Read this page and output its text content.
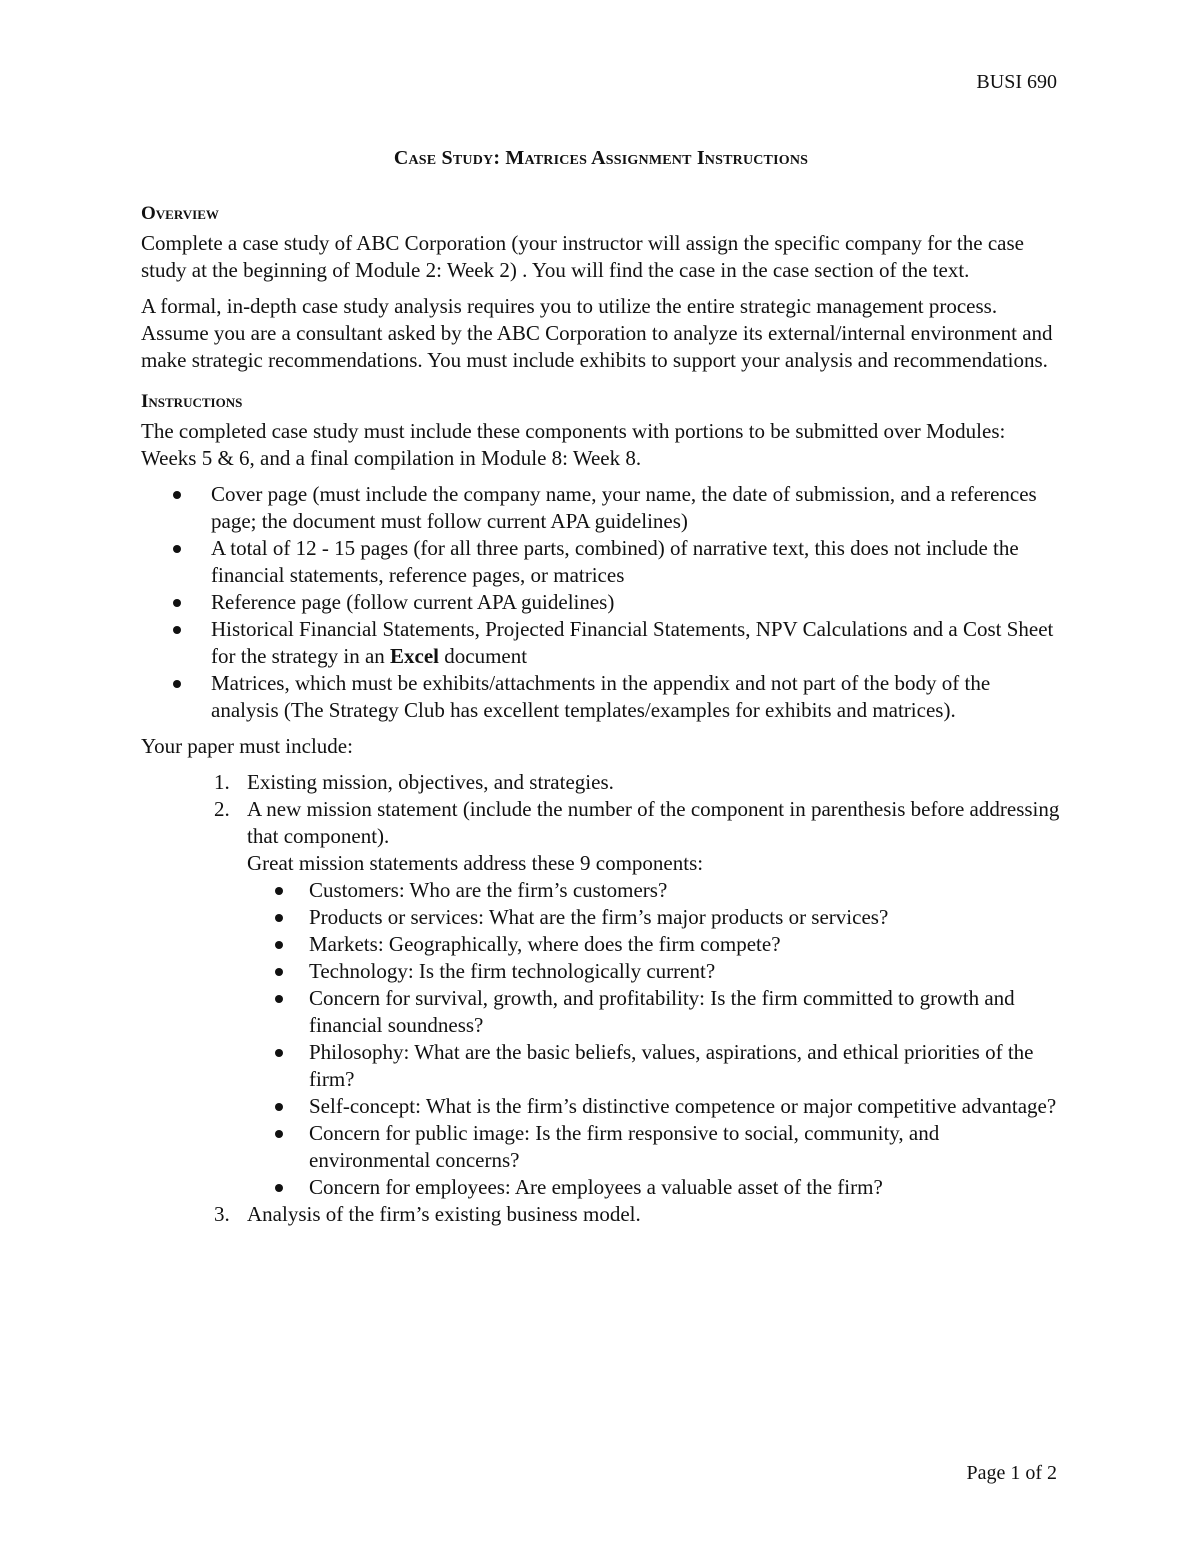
BUSI 690
Case Study: Matrices Assignment Instructions
Overview

Complete a case study of ABC Corporation (your instructor will assign the specific company for the case study at the beginning of Module 2: Week 2) . You will find the case in the case section of the text.

A formal, in-depth case study analysis requires you to utilize the entire strategic management process. Assume you are a consultant asked by the ABC Corporation to analyze its external/internal environment and make strategic recommendations. You must include exhibits to support your analysis and recommendations.

Instructions

The completed case study must include these components with portions to be submitted over Modules: Weeks 5 & 6, and a final compilation in Module 8: Week 8.

Cover page (must include the company name, your name, the date of submission, and a references page; the document must follow current APA guidelines)
A total of 12 - 15 pages (for all three parts, combined) of narrative text, this does not include the financial statements, reference pages, or matrices
Reference page (follow current APA guidelines)
Historical Financial Statements, Projected Financial Statements, NPV Calculations and a Cost Sheet for the strategy in an Excel document
Matrices, which must be exhibits/attachments in the appendix and not part of the body of the analysis (The Strategy Club has excellent templates/examples for exhibits and matrices).

Your paper must include:

1. Existing mission, objectives, and strategies.
2. A new mission statement (include the number of the component in parenthesis before addressing that component).
Great mission statements address these 9 components:
Customers: Who are the firm’s customers?
Products or services: What are the firm’s major products or services?
Markets: Geographically, where does the firm compete?
Technology: Is the firm technologically current?
Concern for survival, growth, and profitability: Is the firm committed to growth and financial soundness?
Philosophy: What are the basic beliefs, values, aspirations, and ethical priorities of the firm?
Self-concept: What is the firm’s distinctive competence or major competitive advantage?
Concern for public image: Is the firm responsive to social, community, and environmental concerns?
Concern for employees: Are employees a valuable asset of the firm?
3. Analysis of the firm’s existing business model.
Page 1 of 2
